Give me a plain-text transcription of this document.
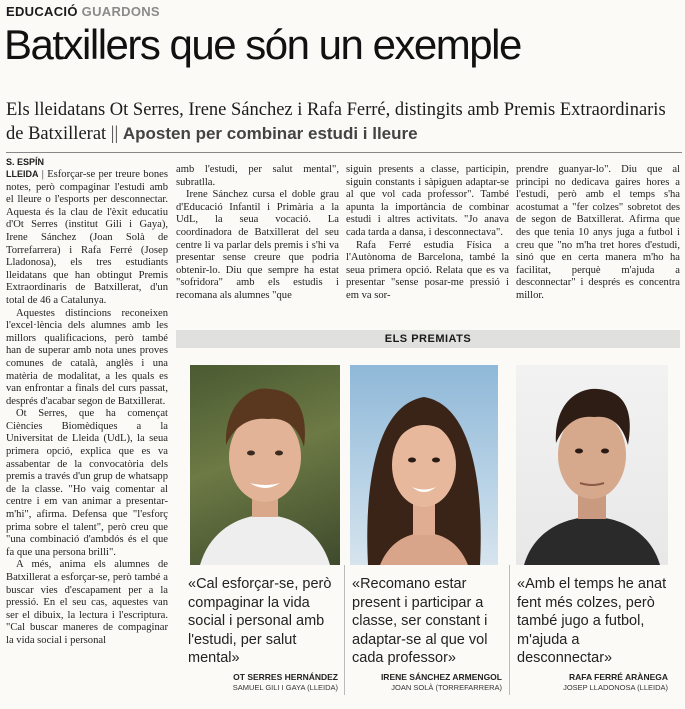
EDUCACIÓ GUARDONS
Batxillers que són un exemple
Els lleidatans Ot Serres, Irene Sánchez i Rafa Ferré, distingits amb Premis Extraordinaris de Batxillerat || Aposten per combinar estudi i lleure
S. ESPÍN

LLEIDA | Esforçar-se per treure bones notes, però compaginar l'estudi amb el lleure o l'esports per desconnectar. Aquesta és la clau de l'èxit educatiu d'Ot Serres (institut Gili i Gaya), Irene Sánchez (Joan Solà de Torrefarrera) i Rafa Ferré (Josep Lladonosa), els tres estudiants lleidatans que han obtingut Premis Extraordinaris de Batxillerat, d'un total de 46 a Catalunya.

Aquestes distincions reconeixen l'excel·lència dels alumnes amb les millors qualificacions, però també han de superar amb nota unes proves comunes de català, anglès i una matèria de modalitat, a les quals es van enfrontar a finals del curs passat, després d'acabar segon de Batxillerat.

Ot Serres, que ha començat Ciències Biomèdiques a la Universitat de Lleida (UdL), la seua primera opció, explica que es va assabentar de la convocatòria dels premis a través d'un grup de whatsapp de la classe. "Ho vaig comentar al centre i em van animar a presentar-m'hi", afirma. Defensa que "l'esforç prima sobre el talent", però creu que "una combinació d'ambdós és el que fa que una persona brilli".

A més, anima els alumnes de Batxillerat a esforçar-se, però també a buscar vies d'escapament per a la pressió. En el seu cas, aquestes van ser el dibuix, la lectura i l'escriptura. "Cal buscar maneres de compaginar la vida social i personal

amb l'estudi, per salut mental", subratlla.

Irene Sánchez cursa el doble grau d'Educació Infantil i Primària a la UdL, la seua vocació. La coordinadora de Batxillerat del seu centre li va parlar dels premis i s'hi va presentar sense creure que podria obtenir-lo. Diu que sempre ha estat "sofridora" amb els estudis i recomana als alumnes "que

siguin presents a classe, participin, siguin constants i sàpiguen adaptar-se al que vol cada professor". També apunta la importància de combinar estudi i altres activitats. "Jo anava cada tarda a dansa, i desconnectava".

Rafa Ferré estudia Física a l'Autònoma de Barcelona, també la seua primera opció. Relata que es va presentar "sense posar-me pressió i em va sor-

prendre guanyar-lo". Diu que al principi no dedicava gaires hores a l'estudi, però amb el temps s'ha acostumat a "fer colzes" sobretot des de segon de Batxillerat. Afirma que des que tenia 10 anys juga a futbol i creu que "no m'ha tret hores d'estudi, sinó que en certa manera m'ho ha facilitat, perquè m'ajuda a desconnectar" i després es concentra millor.

ELS PREMIATS
«Cal esforçar-se, però compaginar la vida social i personal amb l'estudi, per salut mental»
«Recomano estar present i participar a classe, ser constant i adaptar-se al que vol cada professor»
«Amb el temps he anat fent més colzes, però també jugo a futbol, m'ajuda a desconnectar»
OT SERRES HERNÁNDEZ
SAMUEL GILI I GAYA (LLEIDA)
IRENE SÁNCHEZ ARMENGOL
JOAN SOLÀ (TORREFARRERA)
RAFA FERRÉ ARÀNEGA
JOSEP LLADONOSA (LLEIDA)
